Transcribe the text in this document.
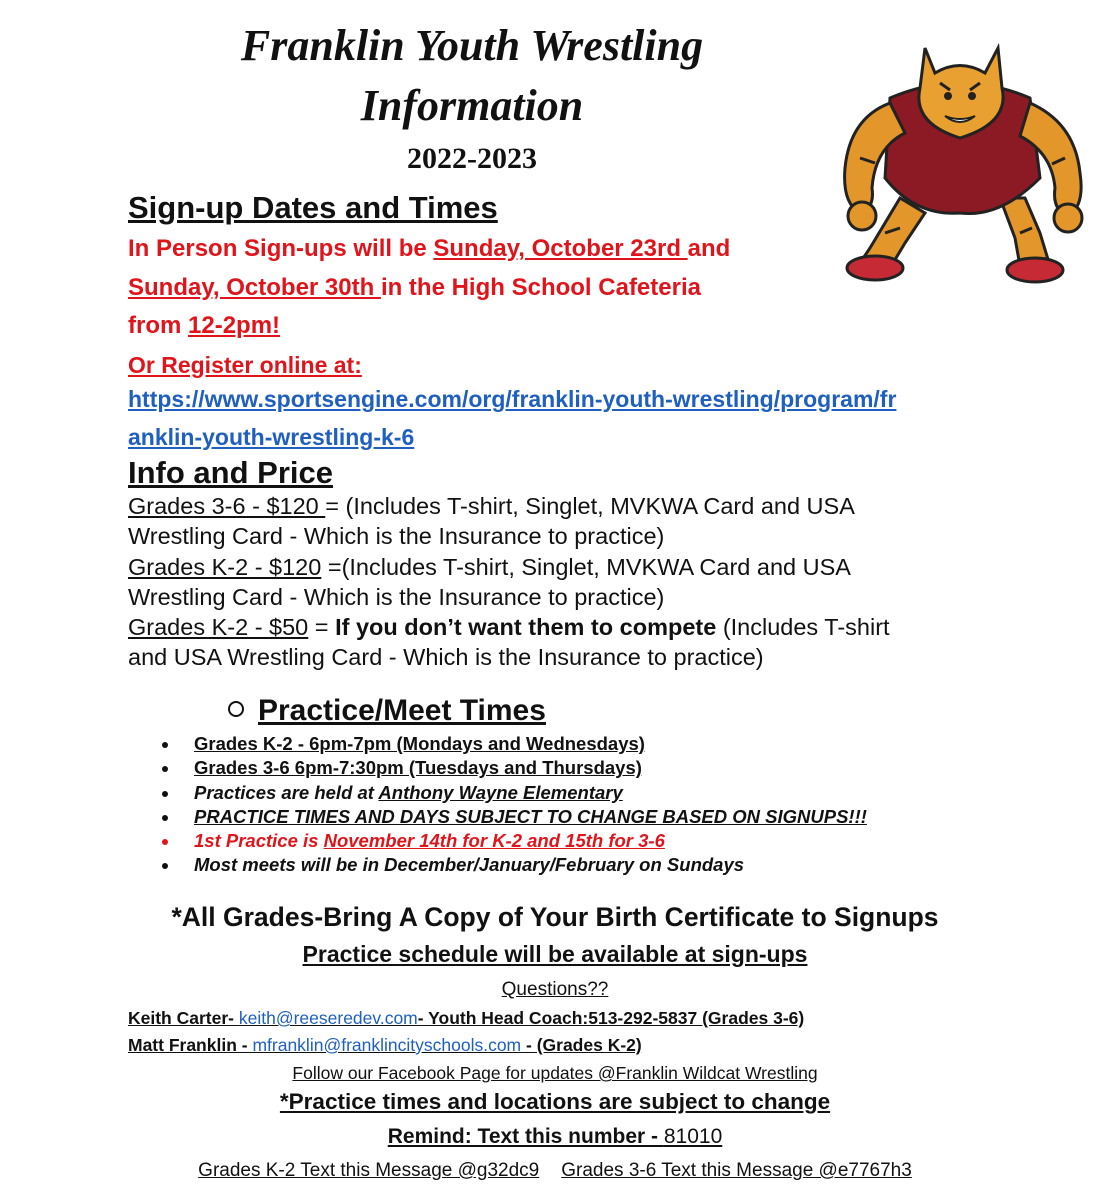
Franklin Youth Wrestling
Information
2022-2023
Sign-up Dates and Times
In Person Sign-ups will be Sunday, October 23rd and
Sunday, October 30th in the High School Cafeteria
from 12-2pm!
Or Register online at:
https://www.sportsengine.com/org/franklin-youth-wrestling/program/fr
anklin-youth-wrestling-k-6
Info and Price
Grades 3-6 - $120 = (Includes T-shirt, Singlet, MVKWA Card and USA
Wrestling Card - Which is the Insurance to practice)
Grades K-2 - $120 =(Includes T-shirt, Singlet, MVKWA Card and USA
Wrestling Card - Which is the Insurance to practice)
Grades K-2 - $50 = If you don’t want them to compete (Includes T-shirt
and USA Wrestling Card - Which is the Insurance to practice)
Practice/Meet Times
Grades K-2 - 6pm-7pm (Mondays and Wednesdays)
Grades 3-6 6pm-7:30pm (Tuesdays and Thursdays)
Practices are held at Anthony Wayne Elementary
PRACTICE TIMES AND DAYS SUBJECT TO CHANGE BASED ON SIGNUPS!!!
1st Practice is November 14th for K-2 and 15th for 3-6
Most meets will be in December/January/February on Sundays
*All Grades-Bring A Copy of Your Birth Certificate to Signups
Practice schedule will be available at sign-ups
Questions??
Keith Carter- keith@reeseredev.com- Youth Head Coach:513-292-5837 (Grades 3-6)
Matt Franklin - mfranklin@franklincityschools.com - (Grades K-2)
Follow our Facebook Page for updates @Franklin Wildcat Wrestling
*Practice times and locations are subject to change
Remind: Text this number - 81010
Grades K-2 Text this Message @g32dc9 Grades 3-6 Text this Message @e7767h3
